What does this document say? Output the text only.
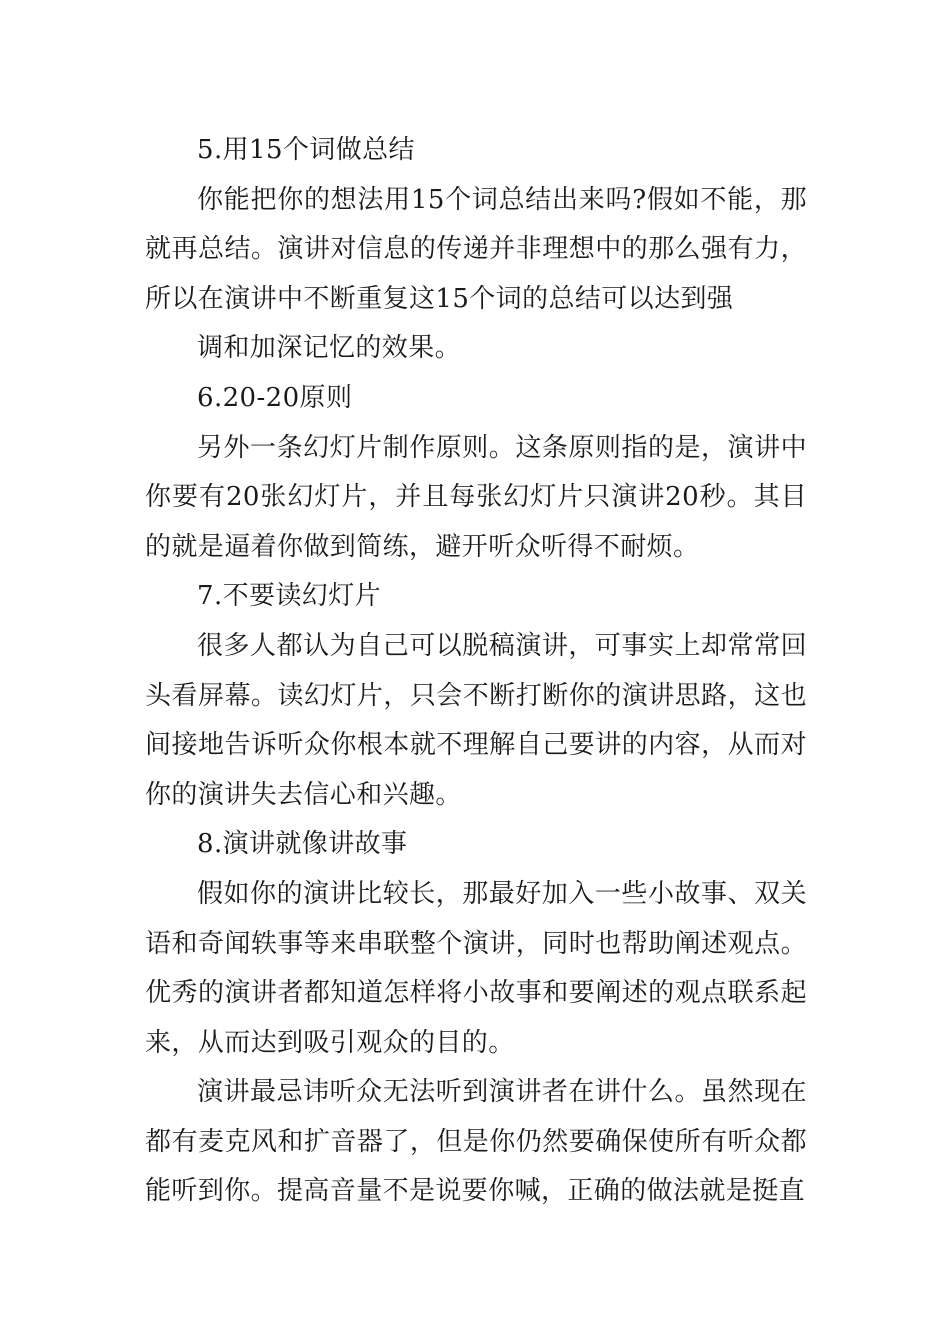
5.用15个词做总结

你能把你的想法用15个词总结出来吗?假如不能，那就再总结。演讲对信息的传递并非理想中的那么强有力，所以在演讲中不断重复这15个词的总结可以达到强

调和加深记忆的效果。

6.20-20原则

另外一条幻灯片制作原则。这条原则指的是，演讲中你要有20张幻灯片，并且每张幻灯片只演讲20秒。其目的就是逼着你做到简练，避开听众听得不耐烦。

7.不要读幻灯片

很多人都认为自己可以脱稿演讲，可事实上却常常回头看屏幕。读幻灯片，只会不断打断你的演讲思路，这也间接地告诉听众你根本就不理解自己要讲的内容，从而对你的演讲失去信心和兴趣。

8.演讲就像讲故事

假如你的演讲比较长，那最好加入一些小故事、双关语和奇闻轶事等来串联整个演讲，同时也帮助阐述观点。优秀的演讲者都知道怎样将小故事和要阐述的观点联系起来，从而达到吸引观众的目的。

演讲最忌讳听众无法听到演讲者在讲什么。虽然现在都有麦克风和扩音器了，但是你仍然要确保使所有听众都能听到你。提高音量不是说要你喊，正确的做法就是挺直
